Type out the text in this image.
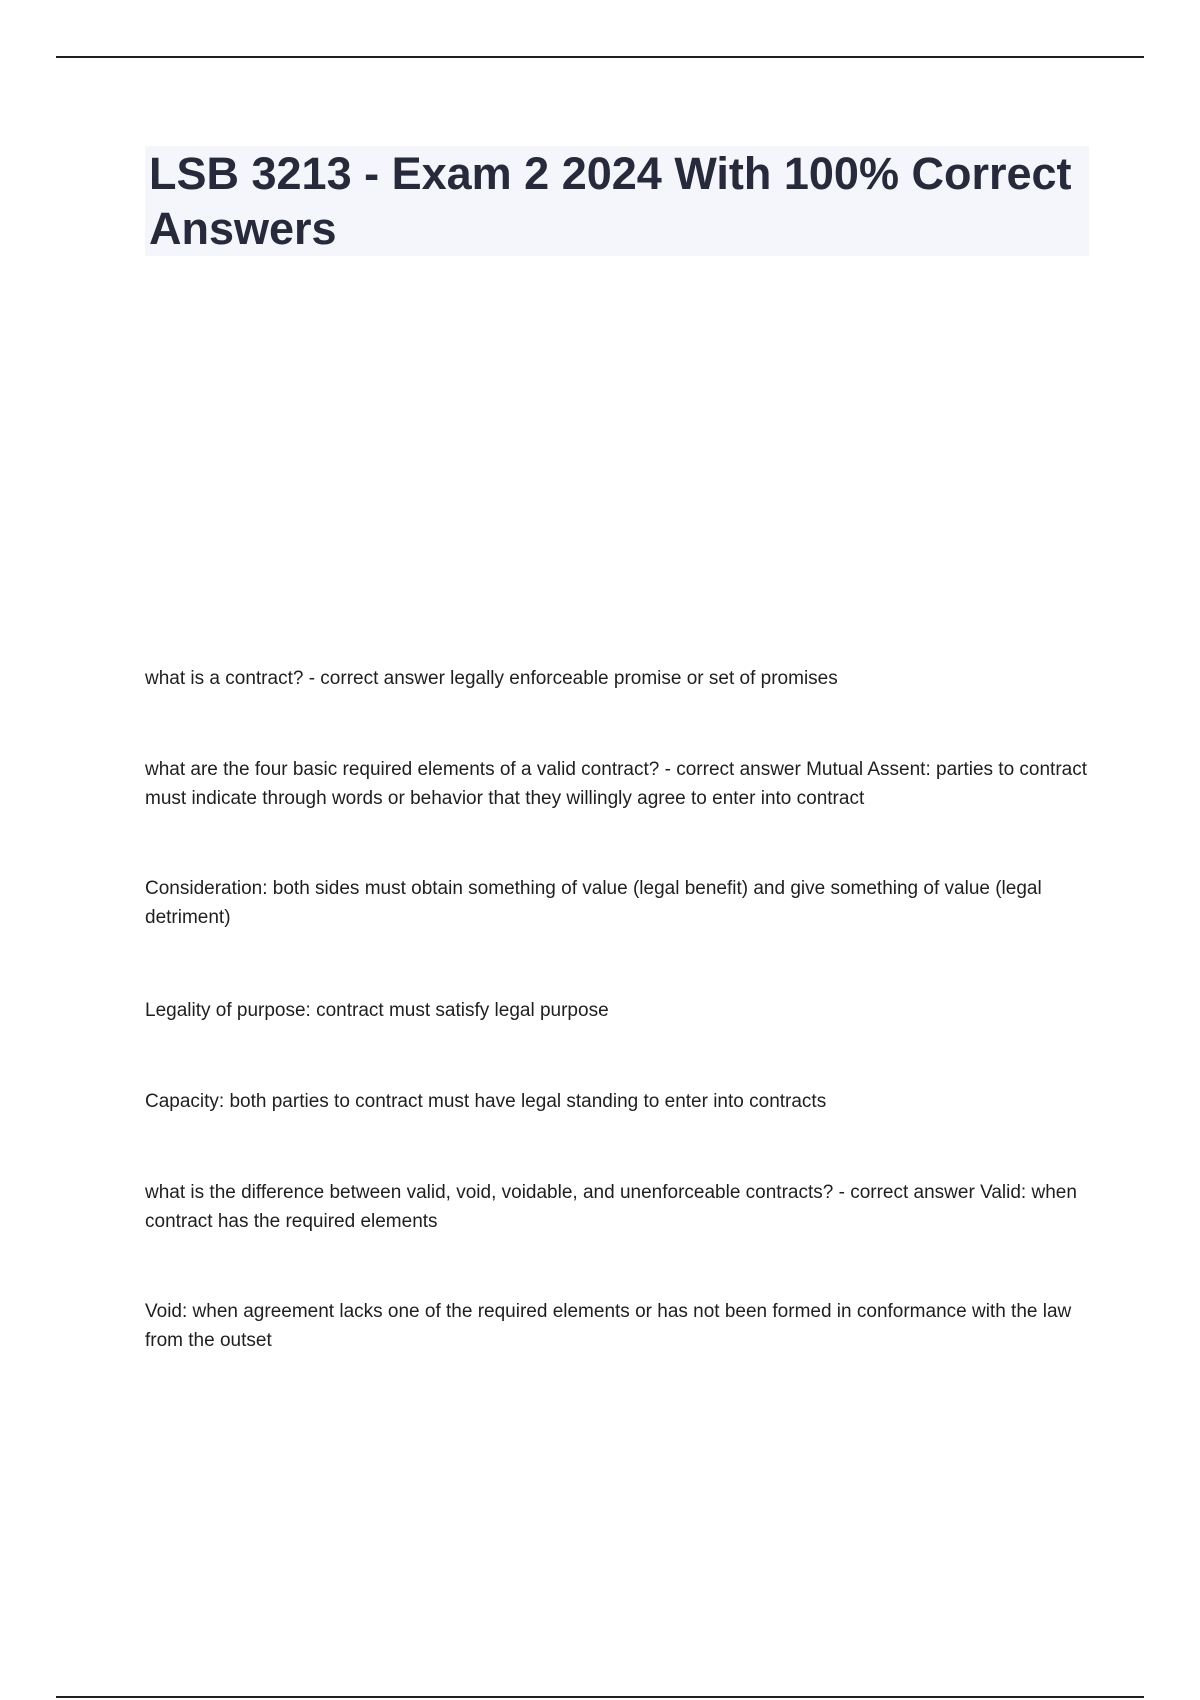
LSB 3213 - Exam 2 2024 With 100% Correct Answers

what is a contract? - correct answer legally enforceable promise or set of promises

what are the four basic required elements of a valid contract? - correct answer Mutual Assent: parties to contract must indicate through words or behavior that they willingly agree to enter into contract

Consideration: both sides must obtain something of value (legal benefit) and give something of value (legal detriment)

Legality of purpose: contract must satisfy legal purpose

Capacity: both parties to contract must have legal standing to enter into contracts

what is the difference between valid, void, voidable, and unenforceable contracts? - correct answer Valid: when contract has the required elements

Void: when agreement lacks one of the required elements or has not been formed in conformance with the law from the outset
